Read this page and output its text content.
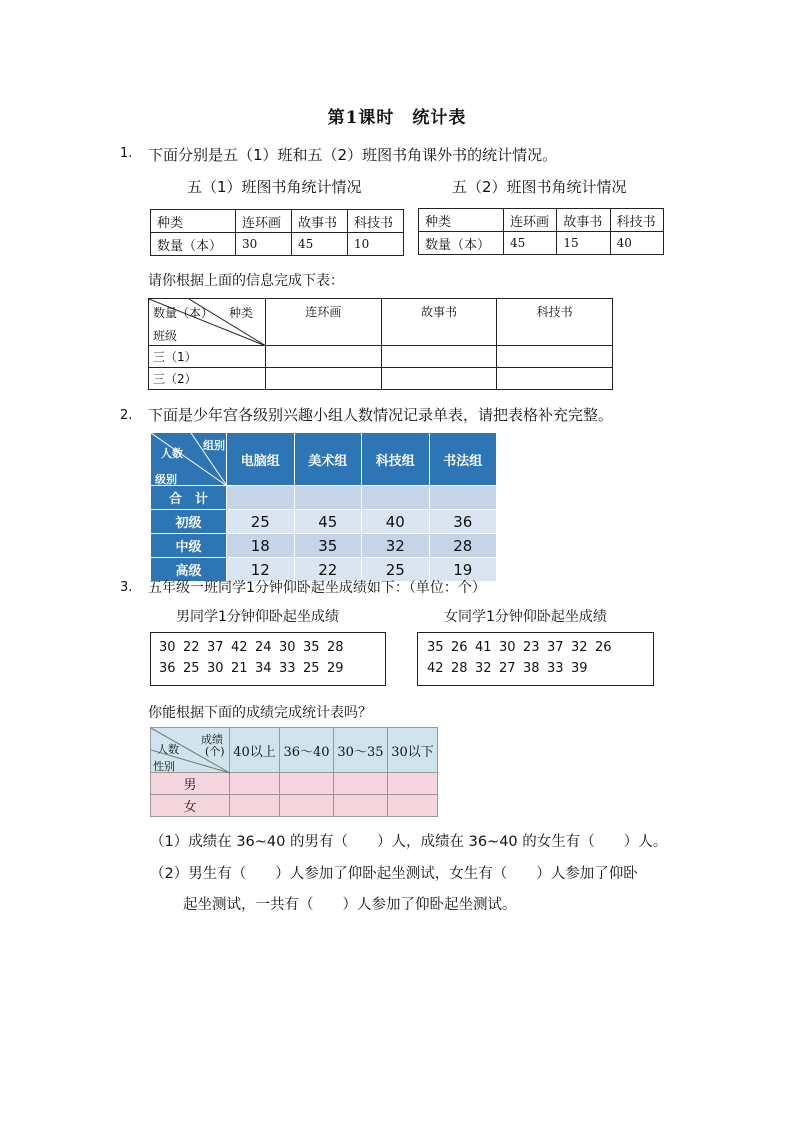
第1课时　统计表
1. 下面分别是五（1）班和五（2）班图书角课外书的统计情况。
五（1）班图书角统计情况	五（2）班图书角统计情况
种类	连环画	故事书	科技书
数量（本）	30	45	10
种类	连环画	故事书	科技书
数量（本）	45	15	40
请你根据上面的信息完成下表：
数量（本） 种类
班级	连环画	故事书	科技书
三（1）			
三（2）			
2. 下面是少年宫各级别兴趣小组人数情况记录单表，请把表格补充完整。
组别
人数
级别	电脑组	美术组	科技组	书法组
合　计				
初级	25	45	40	36
中级	18	35	32	28
高级	12	22	25	19
3. 五年级一班同学1分钟仰卧起坐成绩如下：（单位：个）
男同学1分钟仰卧起坐成绩	女同学1分钟仰卧起坐成绩
30 22 37 42 24 30 35 28
36 25 30 21 34 33 25 29
35 26 41 30 23 37 32 26
42 28 32 27 38 33 39
你能根据下面的成绩完成统计表吗？
成绩
(个)
人数
性别	40以上	36～40	30～35	30以下
男				
女				
（1）成绩在 36~40 的男有（　　）人，成绩在 36~40 的女生有（　　）人。
（2）男生有（　　）人参加了仰卧起坐测试，女生有（　　）人参加了仰卧
起坐测试，一共有（　　）人参加了仰卧起坐测试。
